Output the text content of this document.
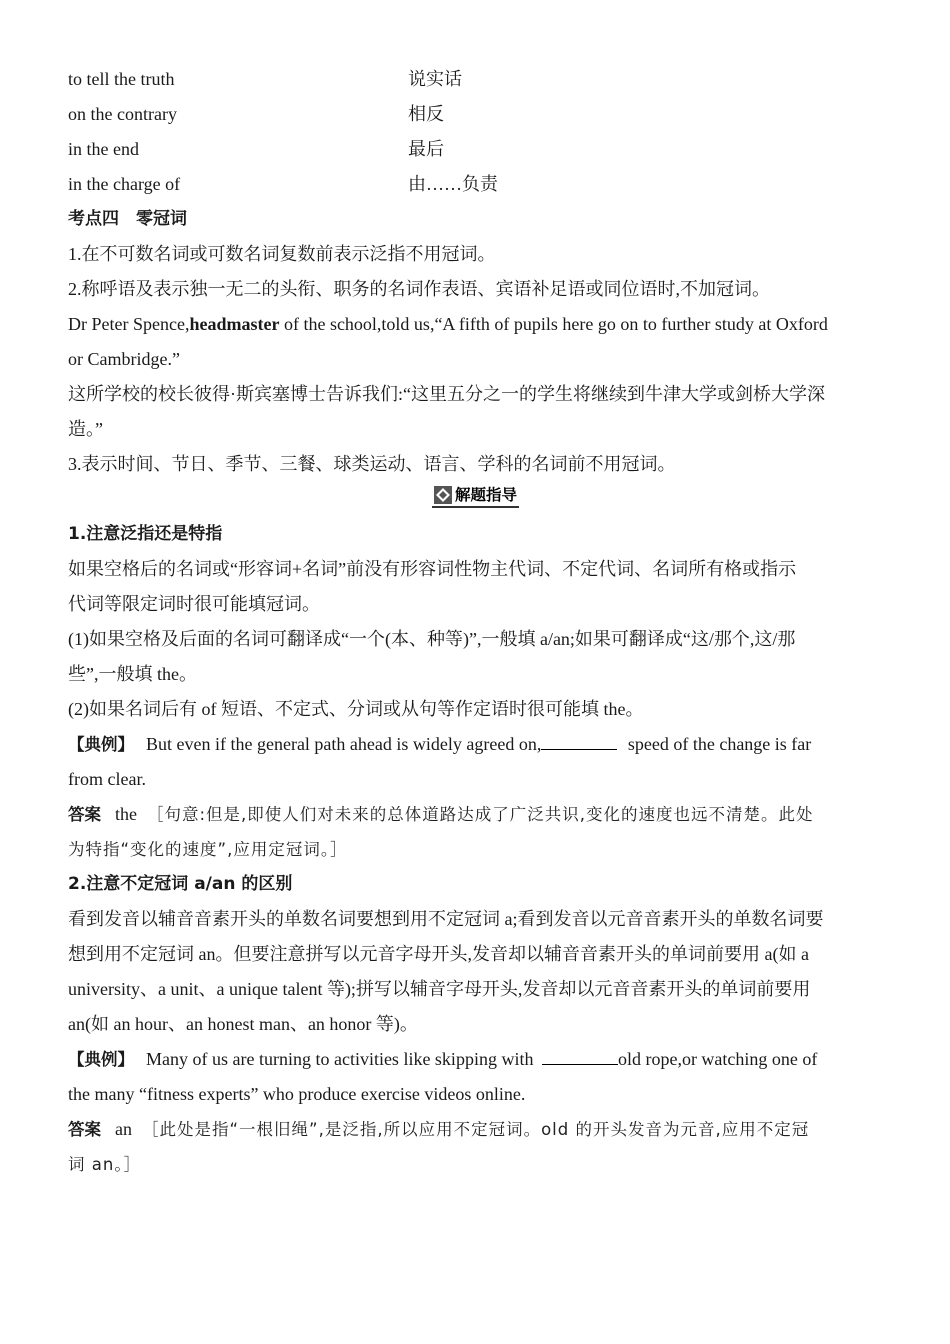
to tell the truth	说实话
on the contrary	相反
in the end	最后
in the charge of	由……负责

考点四　零冠词

1.在不可数名词或可数名词复数前表示泛指不用冠词。

2.称呼语及表示独一无二的头衔、职务的名词作表语、宾语补足语或同位语时,不加冠词。

Dr Peter Spence,headmaster of the school,told us,“A fifth of pupils here go on to further study at Oxford

or Cambridge.”

这所学校的校长彼得·斯宾塞博士告诉我们:“这里五分之一的学生将继续到牛津大学或剑桥大学深

造。”

3.表示时间、节日、季节、三餐、球类运动、语言、学科的名词前不用冠词。

解题指导

1.注意泛指还是特指

如果空格后的名词或“形容词+名词”前没有形容词性物主代词、不定代词、名词所有格或指示

代词等限定词时很可能填冠词。

(1)如果空格及后面的名词可翻译成“一个(本、种等)”,一般填 a/an;如果可翻译成“这/那个,这/那

些”,一般填 the。

(2)如果名词后有 of 短语、不定式、分词或从句等作定语时很可能填 the。

【典例】 But even if the general path ahead is widely agreed on,	speed of the change is far

from clear.

答案 the ［句意:但是,即使人们对未来的总体道路达成了广泛共识,变化的速度也远不清楚。此处

为特指“变化的速度”,应用定冠词。］

2.注意不定冠词 a/an 的区别

看到发音以辅音音素开头的单数名词要想到用不定冠词 a;看到发音以元音音素开头的单数名词要

想到用不定冠词 an。但要注意拼写以元音字母开头,发音却以辅音音素开头的单词前要用 a(如 a

university、a unit、a unique talent 等);拼写以辅音字母开头,发音却以元音音素开头的单词前要用

an(如 an hour、an honest man、an honor 等)。

【典例】 Many of us are turning to activities like skipping with	old rope,or watching one of

the many “fitness experts” who produce exercise videos online.

答案 an ［此处是指“一根旧绳”,是泛指,所以应用不定冠词。old 的开头发音为元音,应用不定冠

词 an。］
